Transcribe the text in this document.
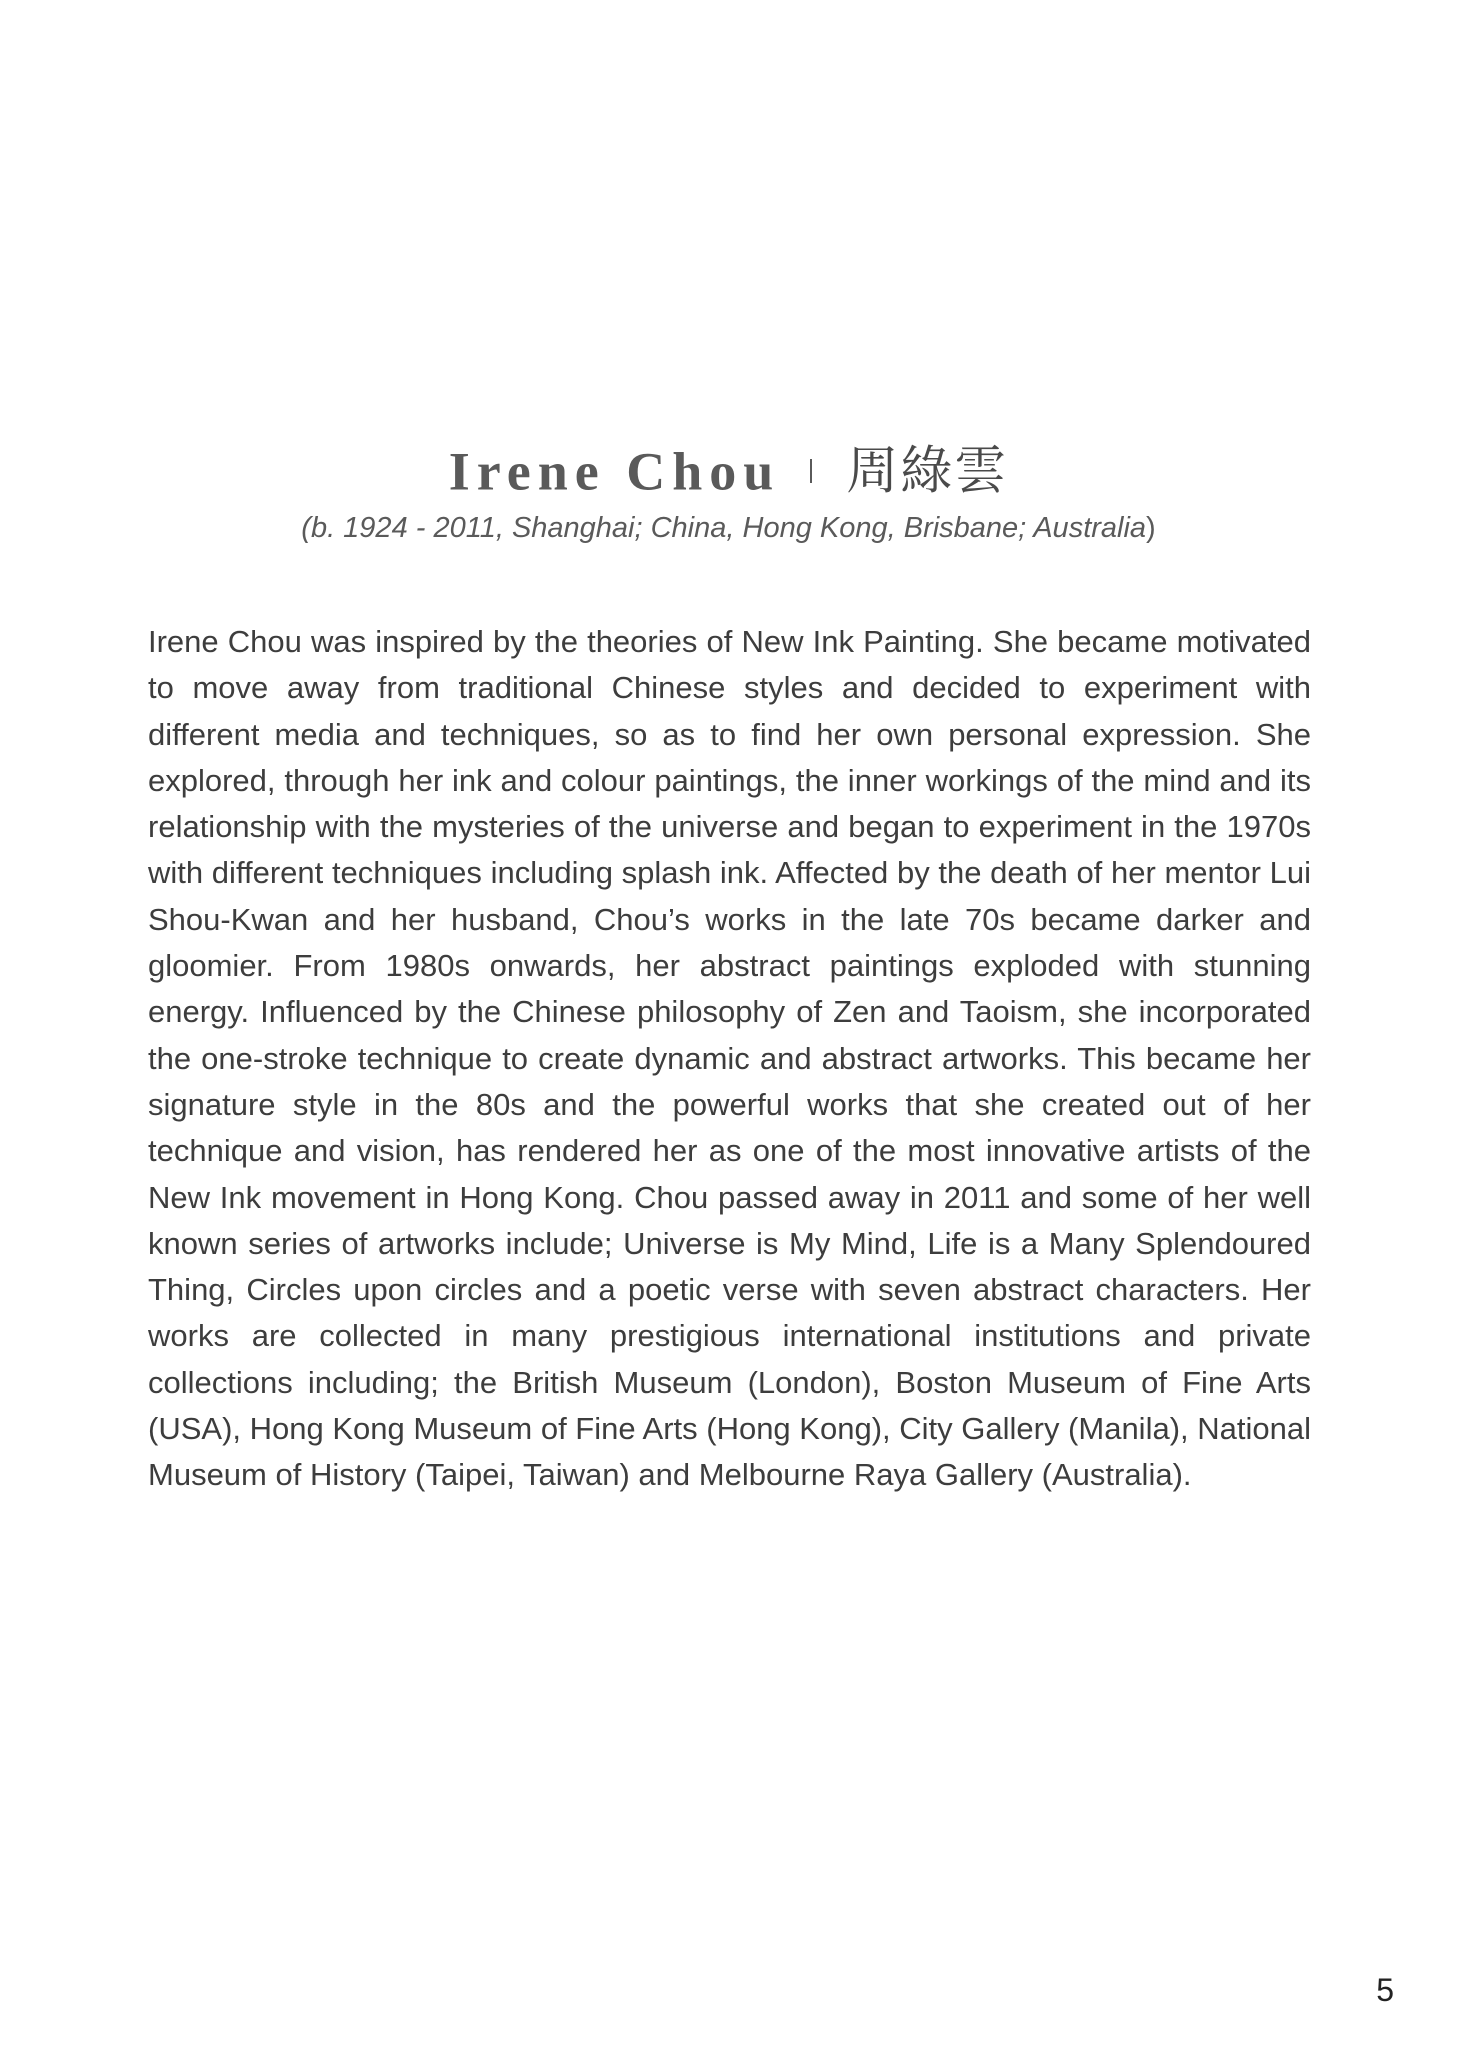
Irene Chou 周綠雲
(b. 1924 - 2011, Shanghai; China, Hong Kong, Brisbane; Australia)

Irene Chou was inspired by the theories of New Ink Painting. She became motivated to move away from traditional Chinese styles and decided to experiment with different media and techniques, so as to find her own personal expression. She explored, through her ink and colour paintings, the inner workings of the mind and its relationship with the mysteries of the universe and began to experiment in the 1970s with different techniques including splash ink. Affected by the death of her mentor Lui Shou-Kwan and her husband, Chou’s works in the late 70s became darker and gloomier. From 1980s onwards, her abstract paintings exploded with stunning energy. Influenced by the Chinese philosophy of Zen and Taoism, she incorporated the one-stroke technique to create dynamic and abstract artworks. This became her signature style in the 80s and the powerful works that she created out of her technique and vision, has rendered her as one of the most innovative artists of the New Ink movement in Hong Kong. Chou passed away in 2011 and some of her well known series of artworks include; Universe is My Mind, Life is a Many Splendoured Thing, Circles upon circles and a poetic verse with seven abstract characters. Her works are collected in many prestigious international institutions and private collections including; the British Museum (London), Boston Museum of Fine Arts (USA), Hong Kong Museum of Fine Arts (Hong Kong), City Gallery (Manila), National Museum of History (Taipei, Taiwan) and Melbourne Raya Gallery (Australia).

5
